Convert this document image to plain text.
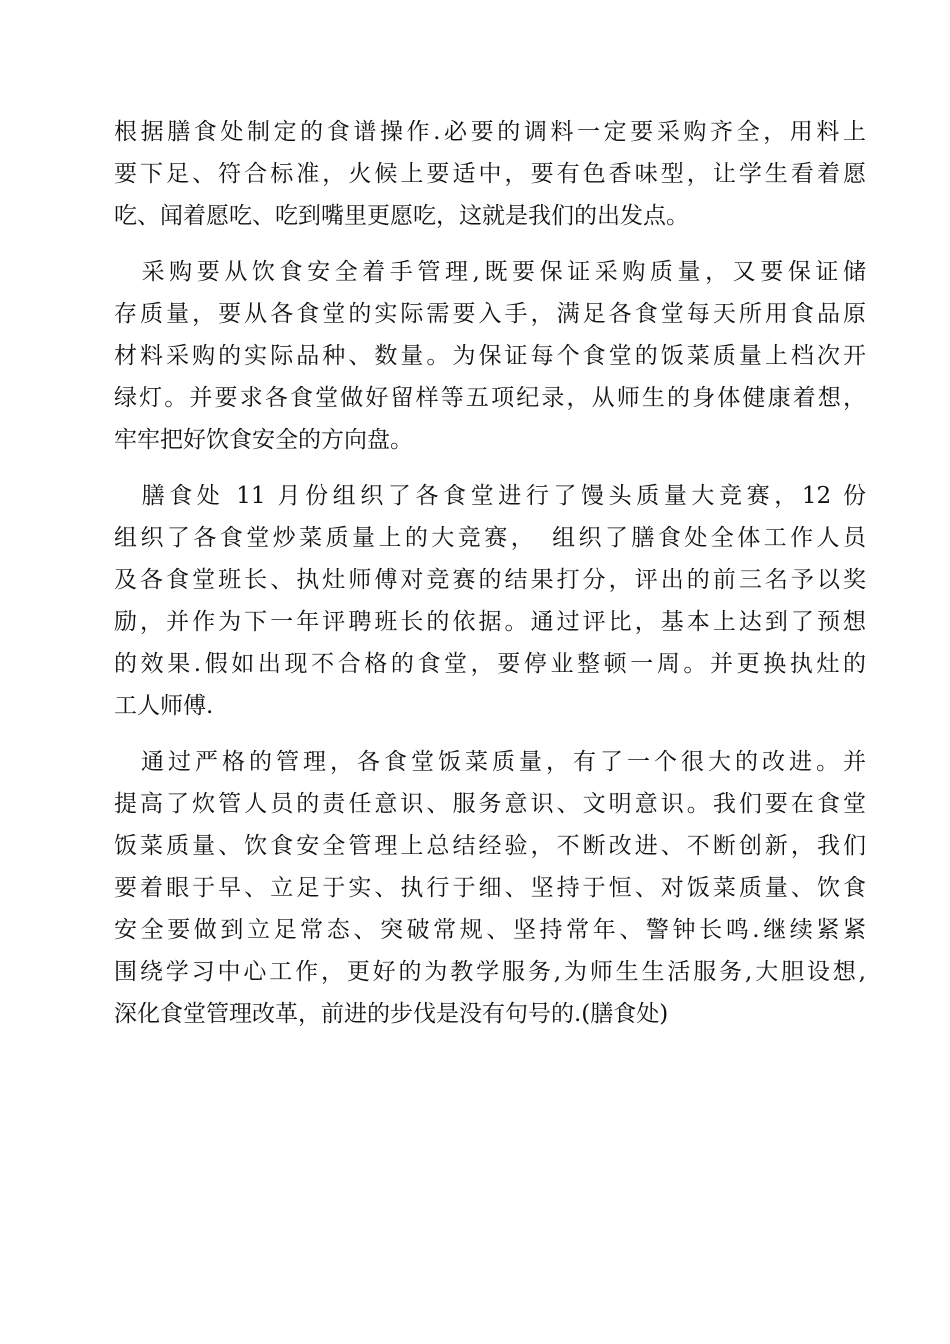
根据膳食处制定的食谱操作.必要的调料一定要采购齐全，用料上
要下足、符合标准，火候上要适中，要有色香味型，让学生看着愿
吃、闻着愿吃、吃到嘴里更愿吃，这就是我们的出发点。
　采购要从饮食安全着手管理,既要保证采购质量，又要保证储
存质量，要从各食堂的实际需要入手，满足各食堂每天所用食品原
材料采购的实际品种、数量。为保证每个食堂的饭菜质量上档次开
绿灯。并要求各食堂做好留样等五项纪录，从师生的身体健康着想，
牢牢把好饮食安全的方向盘。
　膳食处 11 月份组织了各食堂进行了馒头质量大竞赛，12 份
组织了各食堂炒菜质量上的大竞赛，　组织了膳食处全体工作人员
及各食堂班长、执灶师傅对竞赛的结果打分，评出的前三名予以奖
励，并作为下一年评聘班长的依据。通过评比，基本上达到了预想
的效果.假如出现不合格的食堂，要停业整顿一周。并更换执灶的
工人师傅.
　通过严格的管理，各食堂饭菜质量，有了一个很大的改进。并
提高了炊管人员的责任意识、服务意识、文明意识。我们要在食堂
饭菜质量、饮食安全管理上总结经验，不断改进、不断创新，我们
要着眼于早、立足于实、执行于细、坚持于恒、对饭菜质量、饮食
安全要做到立足常态、突破常规、坚持常年、警钟长鸣.继续紧紧
围绕学习中心工作，更好的为教学服务,为师生生活服务,大胆设想,
深化食堂管理改革，前进的步伐是没有句号的.(膳食处)
